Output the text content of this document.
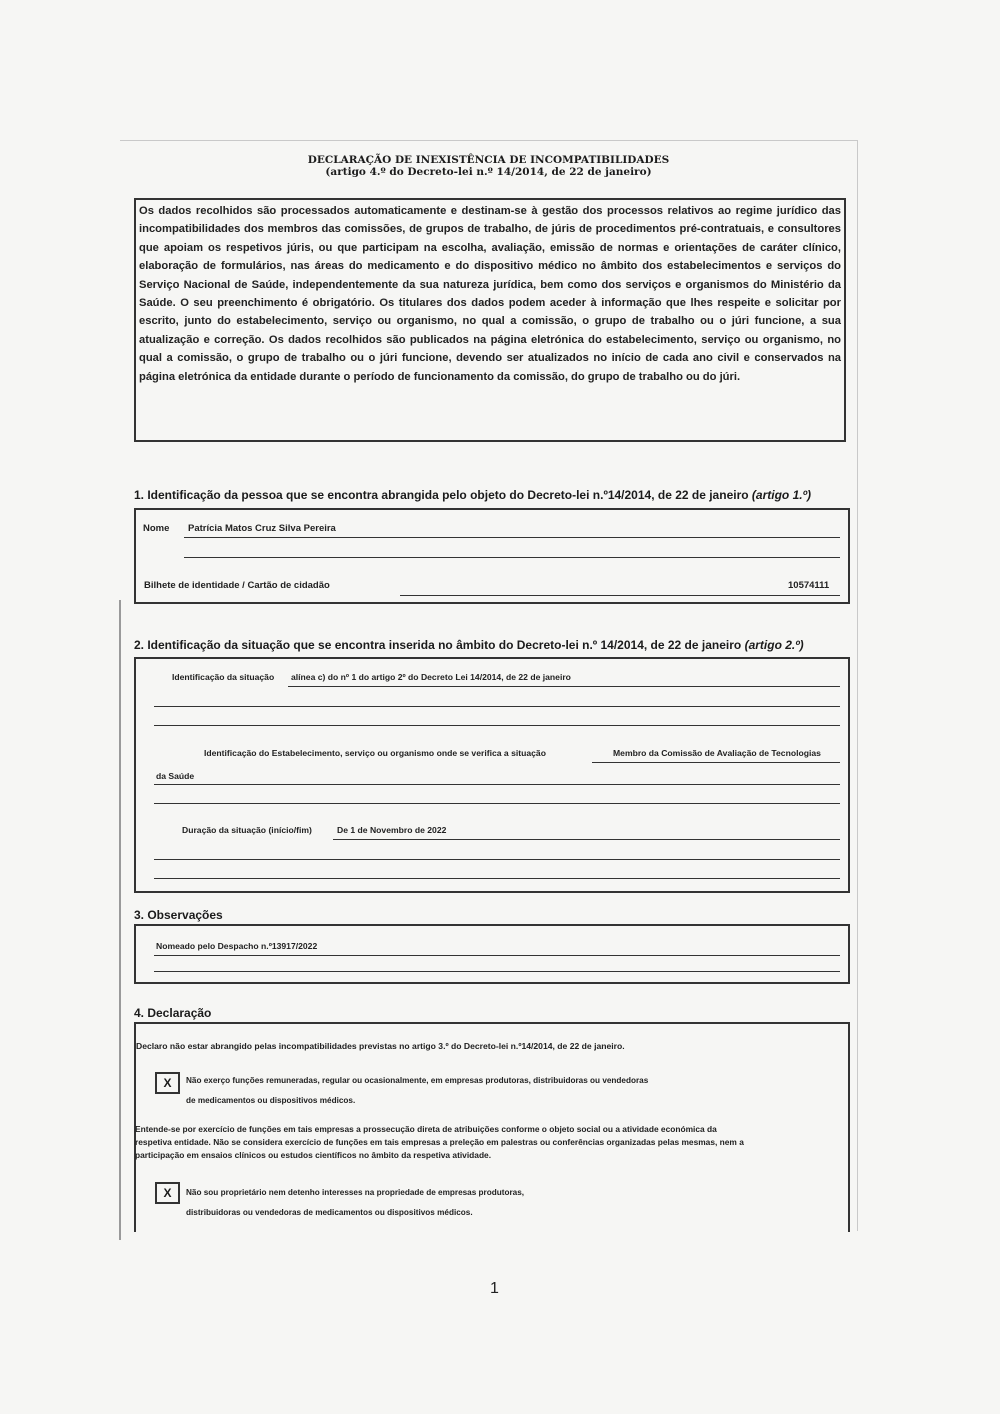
DECLARAÇÃO DE INEXISTÊNCIA DE INCOMPATIBILIDADES
(artigo 4.º do Decreto-lei n.º 14/2014, de 22 de janeiro)
Os dados recolhidos são processados automaticamente e destinam-se à gestão dos processos relativos ao regime jurídico das incompatibilidades dos membros das comissões, de grupos de trabalho, de júris de procedimentos pré-contratuais, e consultores que apoiam os respetivos júris, ou que participam na escolha, avaliação, emissão de normas e orientações de caráter clínico, elaboração de formulários, nas áreas do medicamento e do dispositivo médico no âmbito dos estabelecimentos e serviços do Serviço Nacional de Saúde, independentemente da sua natureza jurídica, bem como dos serviços e organismos do Ministério da Saúde. O seu preenchimento é obrigatório. Os titulares dos dados podem aceder à informação que lhes respeite e solicitar por escrito, junto do estabelecimento, serviço ou organismo, no qual a comissão, o grupo de trabalho ou o júri funcione, a sua atualização e correção. Os dados recolhidos são publicados na página eletrónica do estabelecimento, serviço ou organismo, no qual a comissão, o grupo de trabalho ou o júri funcione, devendo ser atualizados no início de cada ano civil e conservados na página eletrónica da entidade durante o período de funcionamento da comissão, do grupo de trabalho ou do júri.
1. Identificação da pessoa que se encontra abrangida pelo objeto do Decreto-lei n.º14/2014, de 22 de janeiro (artigo 1.º)
Nome Patrícia Matos Cruz Silva Pereira
Bilhete de identidade / Cartão de cidadão	10574111
2. Identificação da situação que se encontra inserida no âmbito do Decreto-lei n.º 14/2014, de 22 de janeiro (artigo 2.º)
Identificação da situação alínea c) do nº 1 do artigo 2º do Decreto Lei 14/2014, de 22 de janeiro
Identificação do Estabelecimento, serviço ou organismo onde se verifica a situação	Membro da Comissão de Avaliação de Tecnologias
da Saúde
Duração da situação (início/fim)	De 1 de Novembro de 2022
3. Observações
Nomeado pelo Despacho n.º13917/2022
4. Declaração
Declaro não estar abrangido pelas incompatibilidades previstas no artigo 3.º do Decreto-lei n.º14/2014, de 22 de janeiro.
X	Não exerço funções remuneradas, regular ou ocasionalmente, em empresas produtoras, distribuidoras ou vendedoras
de medicamentos ou dispositivos médicos.
Entende-se por exercício de funções em tais empresas a prossecução direta de atribuições conforme o objeto social ou a atividade económica da
respetiva entidade. Não se considera exercício de funções em tais empresas a preleção em palestras ou conferências organizadas pelas mesmas, nem a
participação em ensaios clínicos ou estudos científicos no âmbito da respetiva atividade.
X	Não sou proprietário nem detenho interesses na propriedade de empresas produtoras,
distribuidoras ou vendedoras de medicamentos ou dispositivos médicos.
1
